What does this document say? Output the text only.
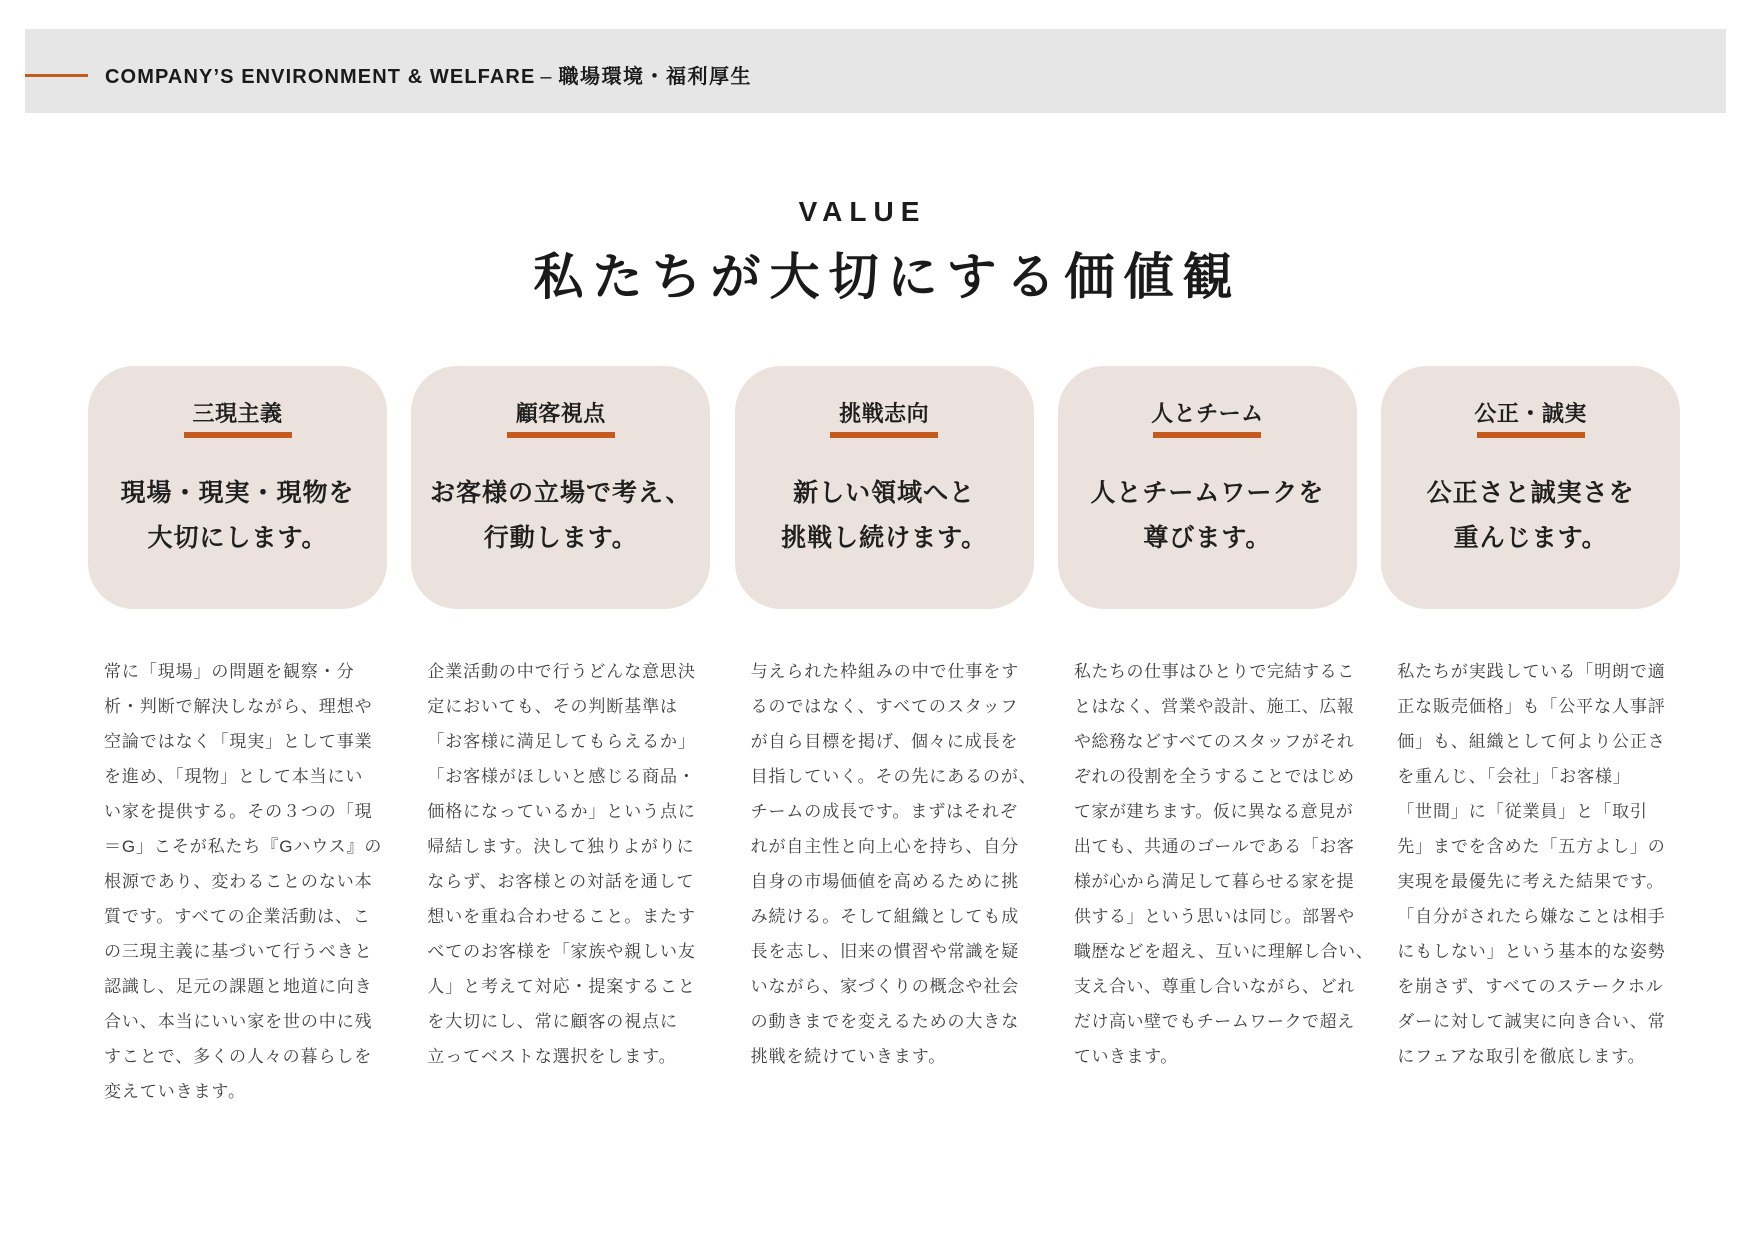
COMPANY’S ENVIRONMENT & WELFARE – 職場環境・福利厚生
VALUE
私たちが大切にする価値観
三現主義
現場・現実・現物を
大切にします。
常に「現場」の問題を観察・分
析・判断で解決しながら、理想や
空論ではなく「現実」として事業
を進め、「現物」として本当にい
い家を提供する。その３つの「現
＝G」こそが私たち『Gハウス』の
根源であり、変わることのない本
質です。すべての企業活動は、こ
の三現主義に基づいて行うべきと
認識し、足元の課題と地道に向き
合い、本当にいい家を世の中に残
すことで、多くの人々の暮らしを
変えていきます。
顧客視点
お客様の立場で考え、
行動します。
企業活動の中で行うどんな意思決
定においても、その判断基準は
「お客様に満足してもらえるか」
「お客様がほしいと感じる商品・
価格になっているか」という点に
帰結します。決して独りよがりに
ならず、お客様との対話を通して
想いを重ね合わせること。またす
べてのお客様を「家族や親しい友
人」と考えて対応・提案すること
を大切にし、常に顧客の視点に
立ってベストな選択をします。
挑戦志向
新しい領域へと
挑戦し続けます。
与えられた枠組みの中で仕事をす
るのではなく、すべてのスタッフ
が自ら目標を掲げ、個々に成長を
目指していく。その先にあるのが、
チームの成長です。まずはそれぞ
れが自主性と向上心を持ち、自分
自身の市場価値を高めるために挑
み続ける。そして組織としても成
長を志し、旧来の慣習や常識を疑
いながら、家づくりの概念や社会
の動きまでを変えるための大きな
挑戦を続けていきます。
人とチーム
人とチームワークを
尊びます。
私たちの仕事はひとりで完結するこ
とはなく、営業や設計、施工、広報
や総務などすべてのスタッフがそれ
ぞれの役割を全うすることではじめ
て家が建ちます。仮に異なる意見が
出ても、共通のゴールである「お客
様が心から満足して暮らせる家を提
供する」という思いは同じ。部署や
職歴などを超え、互いに理解し合い、
支え合い、尊重し合いながら、どれ
だけ高い壁でもチームワークで超え
ていきます。
公正・誠実
公正さと誠実さを
重んじます。
私たちが実践している「明朗で適
正な販売価格」も「公平な人事評
価」も、組織として何より公正さ
を重んじ、「会社」「お客様」
「世間」に「従業員」と「取引
先」までを含めた「五方よし」の
実現を最優先に考えた結果です。
「自分がされたら嫌なことは相手
にもしない」という基本的な姿勢
を崩さず、すべてのステークホル
ダーに対して誠実に向き合い、常
にフェアな取引を徹底します。
